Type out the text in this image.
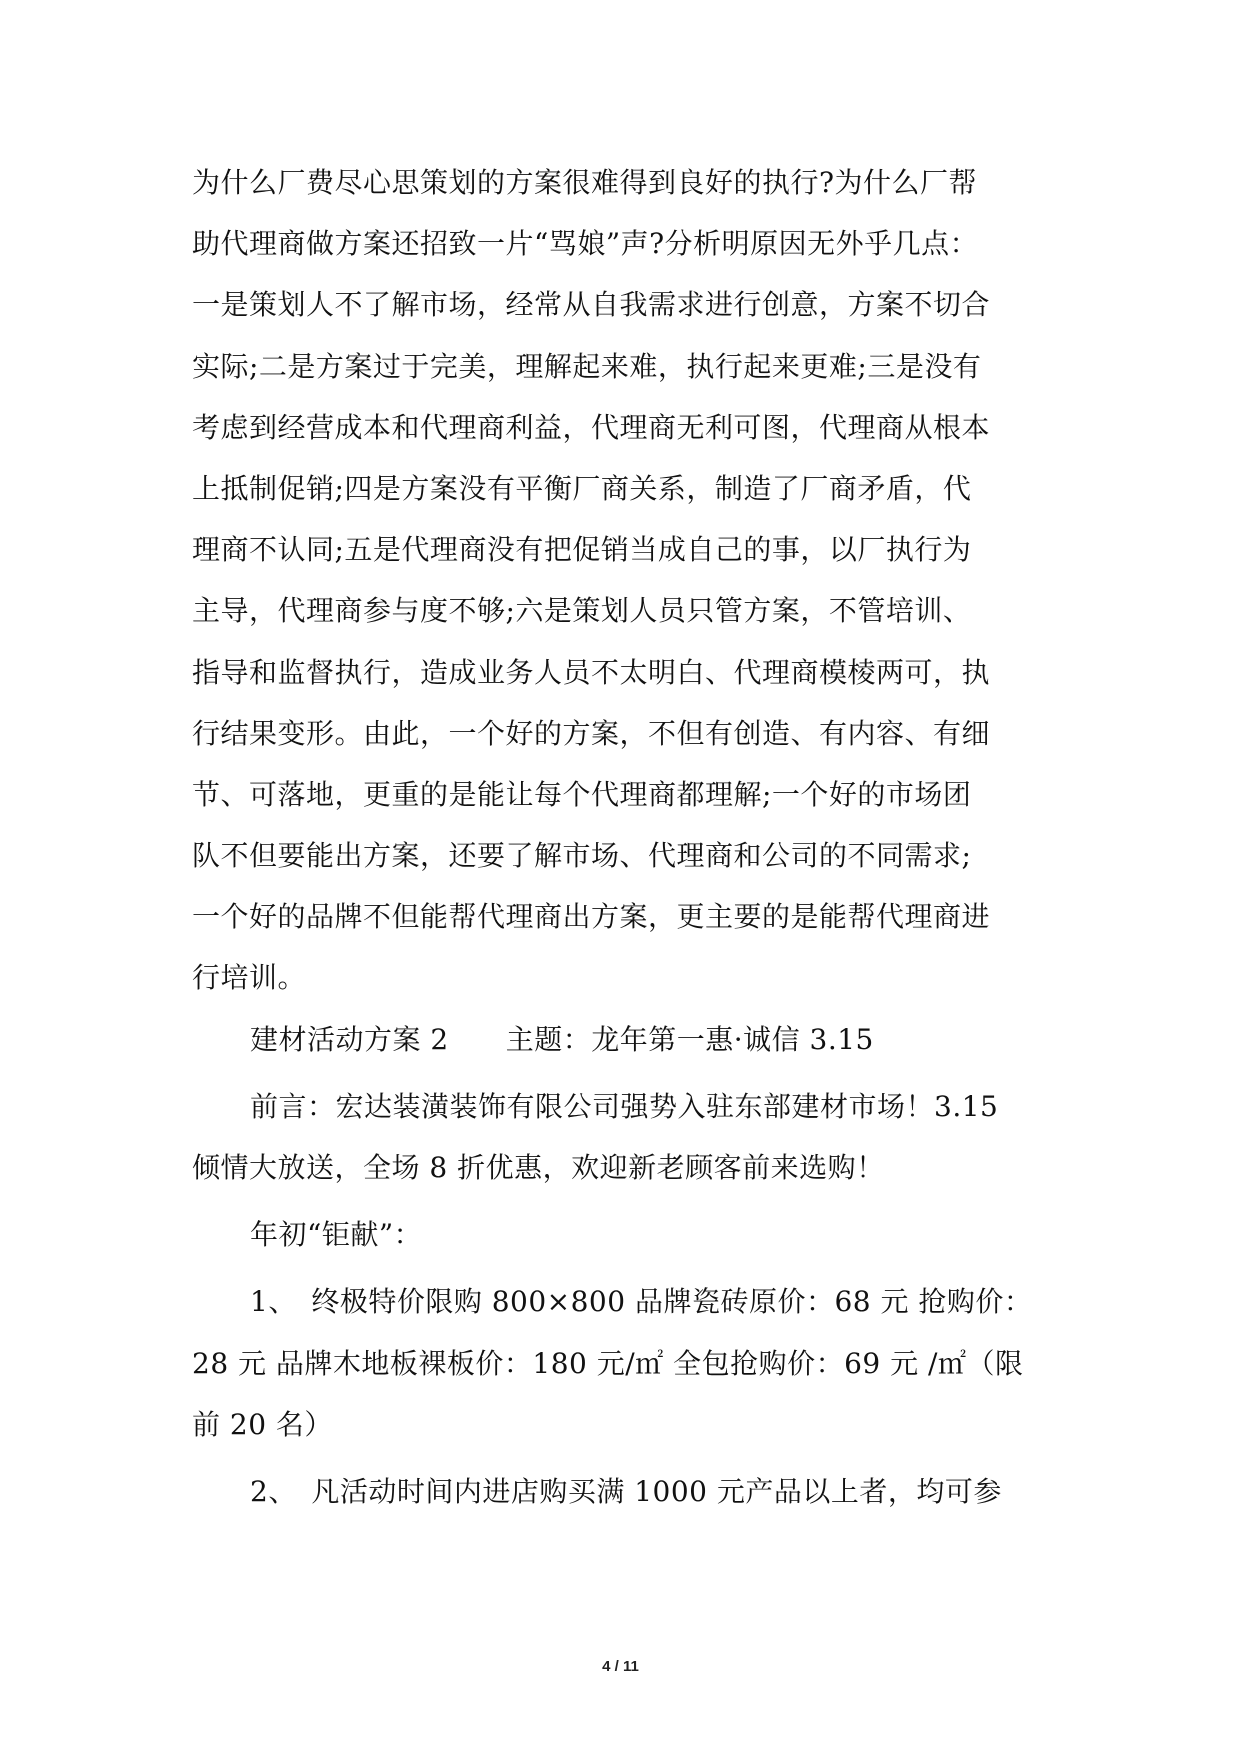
为什么厂费尽心思策划的方案很难得到良好的执行?为什么厂帮
助代理商做方案还招致一片“骂娘”声?分析明原因无外乎几点：
一是策划人不了解市场，经常从自我需求进行创意，方案不切合
实际;二是方案过于完美，理解起来难，执行起来更难;三是没有
考虑到经营成本和代理商利益，代理商无利可图，代理商从根本
上抵制促销;四是方案没有平衡厂商关系，制造了厂商矛盾，代
理商不认同;五是代理商没有把促销当成自己的事，以厂执行为
主导，代理商参与度不够;六是策划人员只管方案，不管培训、
指导和监督执行，造成业务人员不太明白、代理商模棱两可，执
行结果变形。由此，一个好的方案，不但有创造、有内容、有细
节、可落地，更重的是能让每个代理商都理解;一个好的市场团
队不但要能出方案，还要了解市场、代理商和公司的不同需求;
一个好的品牌不但能帮代理商出方案，更主要的是能帮代理商进
行培训。
建材活动方案 2　　主题：龙年第一惠·诚信 3.15
前言：宏达装潢装饰有限公司强势入驻东部建材市场！3.15
倾情大放送，全场 8 折优惠，欢迎新老顾客前来选购！
年初“钜献”：
1、　终极特价限购 800×800 品牌瓷砖原价：68 元 抢购价：
28 元 品牌木地板裸板价：180 元/㎡ 全包抢购价：69 元 /㎡（限
前 20 名）
2、　凡活动时间内进店购买满 1000 元产品以上者，均可参
4 / 11
